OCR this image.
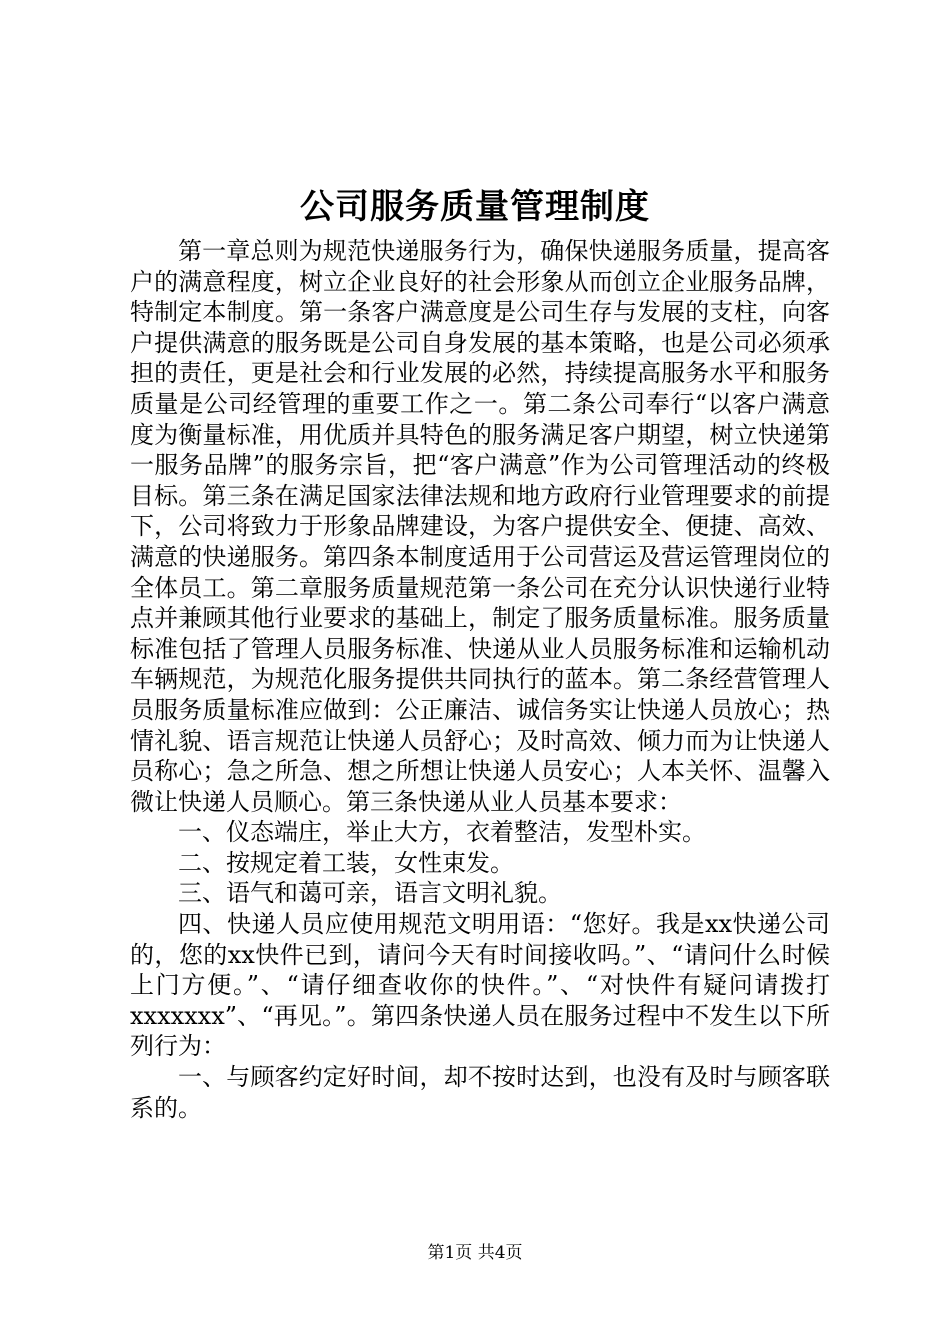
公司服务质量管理制度

第一章总则为规范快递服务行为，确保快递服务质量，提高客户的满意程度，树立企业良好的社会形象从而创立企业服务品牌，特制定本制度。第一条客户满意度是公司生存与发展的支柱，向客户提供满意的服务既是公司自身发展的基本策略，也是公司必须承担的责任，更是社会和行业发展的必然，持续提高服务水平和服务质量是公司经管理的重要工作之一。第二条公司奉行“以客户满意度为衡量标准，用优质并具特色的服务满足客户期望，树立快递第一服务品牌”的服务宗旨，把“客户满意”作为公司管理活动的终极目标。第三条在满足国家法律法规和地方政府行业管理要求的前提下，公司将致力于形象品牌建设，为客户提供安全、便捷、高效、满意的快递服务。第四条本制度适用于公司营运及营运管理岗位的全体员工。第二章服务质量规范第一条公司在充分认识快递行业特点并兼顾其他行业要求的基础上，制定了服务质量标准。服务质量标准包括了管理人员服务标准、快递从业人员服务标准和运输机动车辆规范，为规范化服务提供共同执行的蓝本。第二条经营管理人员服务质量标准应做到：公正廉洁、诚信务实让快递人员放心；热情礼貌、语言规范让快递人员舒心；及时高效、倾力而为让快递人员称心；急之所急、想之所想让快递人员安心；人本关怀、温馨入微让快递人员顺心。第三条快递从业人员基本要求：

一、仪态端庄，举止大方，衣着整洁，发型朴实。

二、按规定着工装，女性束发。

三、语气和蔼可亲，语言文明礼貌。

四、快递人员应使用规范文明用语：“您好。我是xx快递公司的，您的xx快件已到，请问今天有时间接收吗。”、“请问什么时候上门方便。”、“请仔细查收你的快件。”、“对快件有疑问请拨打xxxxxxx”、“再见。”。第四条快递人员在服务过程中不发生以下所列行为：

一、与顾客约定好时间，却不按时达到，也没有及时与顾客联系的。

第1页 共4页
